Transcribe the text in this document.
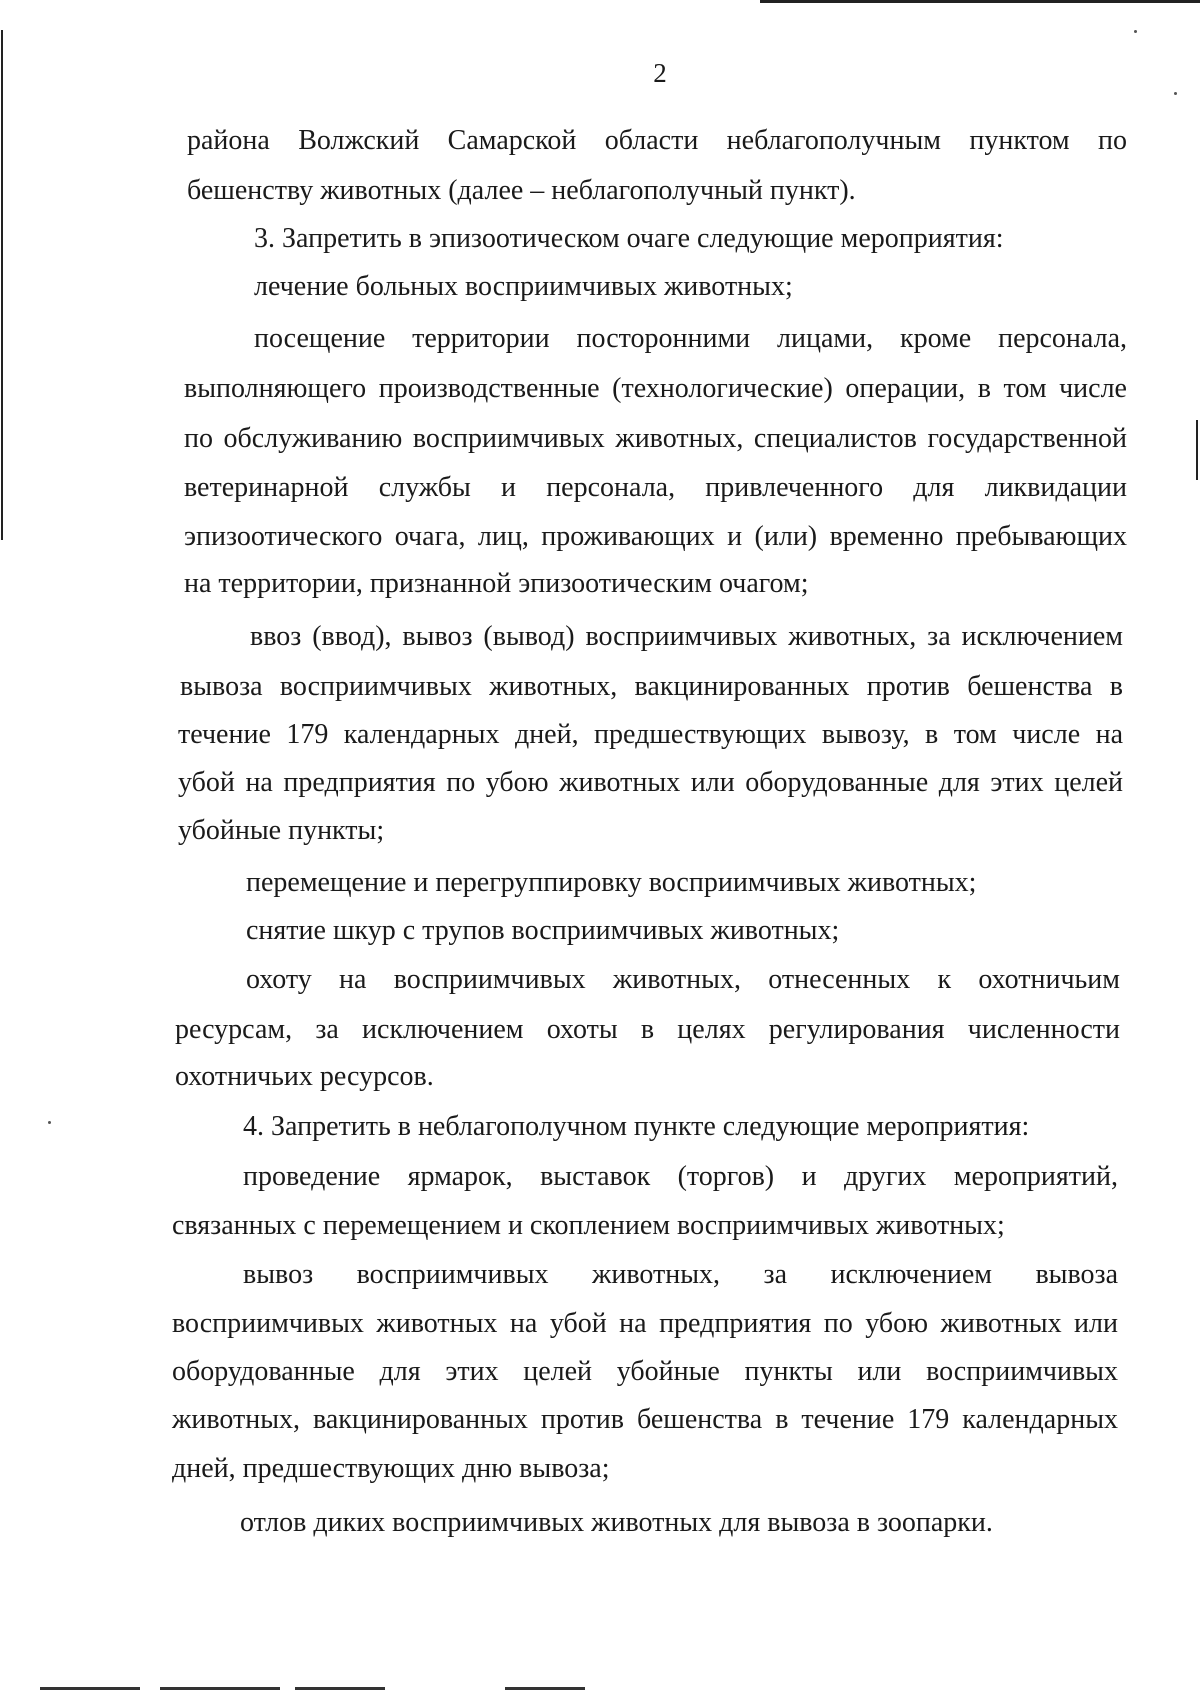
2
района Волжский Самарской области неблагополучным пунктом по
бешенству животных (далее – неблагополучный пункт).
3. Запретить в эпизоотическом очаге следующие мероприятия:
лечение больных восприимчивых животных;
посещение территории посторонними лицами, кроме персонала,
выполняющего производственные (технологические) операции, в том числе
по обслуживанию восприимчивых животных, специалистов государственной
ветеринарной службы и персонала, привлеченного для ликвидации
эпизоотического очага, лиц, проживающих и (или) временно пребывающих
на территории, признанной эпизоотическим очагом;
ввоз (ввод), вывоз (вывод) восприимчивых животных, за исключением
вывоза восприимчивых животных, вакцинированных против бешенства в
течение 179 календарных дней, предшествующих вывозу, в том числе на
убой на предприятия по убою животных или оборудованные для этих целей
убойные пункты;
перемещение и перегруппировку восприимчивых животных;
снятие шкур с трупов восприимчивых животных;
охоту на восприимчивых животных, отнесенных к охотничьим
ресурсам, за исключением охоты в целях регулирования численности
охотничьих ресурсов.
4. Запретить в неблагополучном пункте следующие мероприятия:
проведение ярмарок, выставок (торгов) и других мероприятий,
связанных с перемещением и скоплением восприимчивых животных;
вывоз восприимчивых животных, за исключением вывоза
восприимчивых животных на убой на предприятия по убою животных или
оборудованные для этих целей убойные пункты или восприимчивых
животных, вакцинированных против бешенства в течение 179 календарных
дней, предшествующих дню вывоза;
отлов диких восприимчивых животных для вывоза в зоопарки.
